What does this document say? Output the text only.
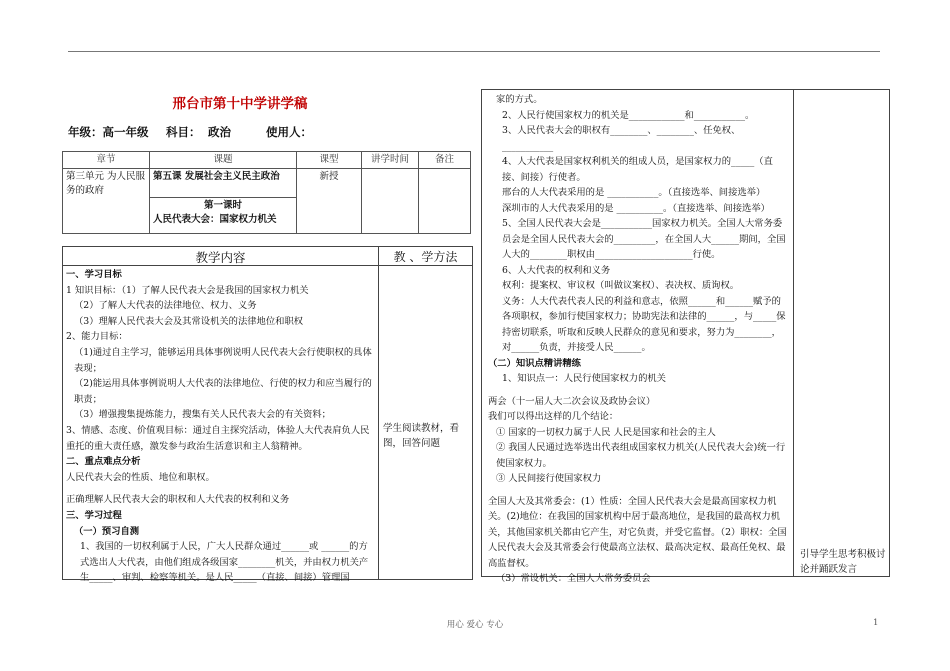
邢台市第十中学讲学稿
年级：高一年级 科目： 政治	使用人：
章节	课题	课型	讲学时间	备注
第三单元 为人民服务的政府	第五课 发展社会主义民主政治	新授		

	第一课时
人民代表大会：国家权力机关			
教学内容	教 、学方法

一、学习目标

1 知识目标：（1）了解人民代表大会是我国的国家权力机关

（2）了解人大代表的法律地位、权力、义务

（3）理解人民代表大会及其常设机关的法律地位和职权

2、能力目标：

（1)通过自主学习，能够运用具体事例说明人民代表大会行使职权的具体表现；

（2)能运用具体事例说明人大代表的法律地位、行使的权力和应当履行的职责；

（3）增强搜集提炼能力，搜集有关人民代表大会的有关资料；

3、情感、态度、价值观目标：通过自主探究活动，体验人大代表肩负人民重托的重大责任感，激发参与政治生活意识和主人翁精神。

二、重点难点分析

人民代表大会的性质、地位和职权。

正确理解人民代表大会的职权和人大代表的权利和义务

三、学习过程

（一）预习自测

1、我国的一切权利属于人民，广大人民群众通过______或 ______的方式选出人大代表，由他们组成各级国家________机关，并由权力机关产生_____、审判、检察等机关。是人民_____（直接、间接）管理国

学生阅读教材，看图，回答问题

家的方式。

2、人民行使国家权力的机关是____________和___________。

3、人民代表大会的职权有________、________、任免权、___________

4、人大代表是国家权利机关的组成人员，是国家权力的_____（直接、间接）行使者。

邢台的人大代表采用的是 ___________。（直接选举、间接选举）

深圳市的人大代表采用的是 __________。（直接选举、间接选举）

5、全国人民代表大会是___________国家权力机关。全国人大常务委员会是全国人民代表大会的_________，在全国人大______期间，全国人大的________职权由_____________________行使。

6、人大代表的权利和义务

权利：提案权、审议权（叫做议案权）、表决权、质询权。

义务：人大代表代表人民的利益和意志，依照______和______赋予的各项职权，参加行使国家权力；协助宪法和法律的______，与_____保持密切联系，听取和反映人民群众的意见和要求，努力为________，对______负责，并接受人民______。

（二）知识点精讲精练

1、知识点一：人民行使国家权力的机关

两会（十一届人大二次会议及政协会议）

我们可以得出这样的几个结论：

① 国家的一切权力属于人民 人民是国家和社会的主人

② 我国人民通过选举选出代表组成国家权力机关(人民代表大会)统一行使国家权力。

③ 人民间接行使国家权力

全国人大及其常委会：(1）性质：全国人民代表大会是最高国家权力机关。(2)地位：在我国的国家机构中居于最高地位，是我国的最高权力机关，其他国家机关都由它产生，对它负责，并受它监督。（2）职权：全国人民代表大会及其常委会行使最高立法权、最高决定权、最高任免权、最高监督权。

（3）常设机关：全国人大常务委员会

引导学生思考积极讨论并踊跃发言
用心 爱心 专心	1
